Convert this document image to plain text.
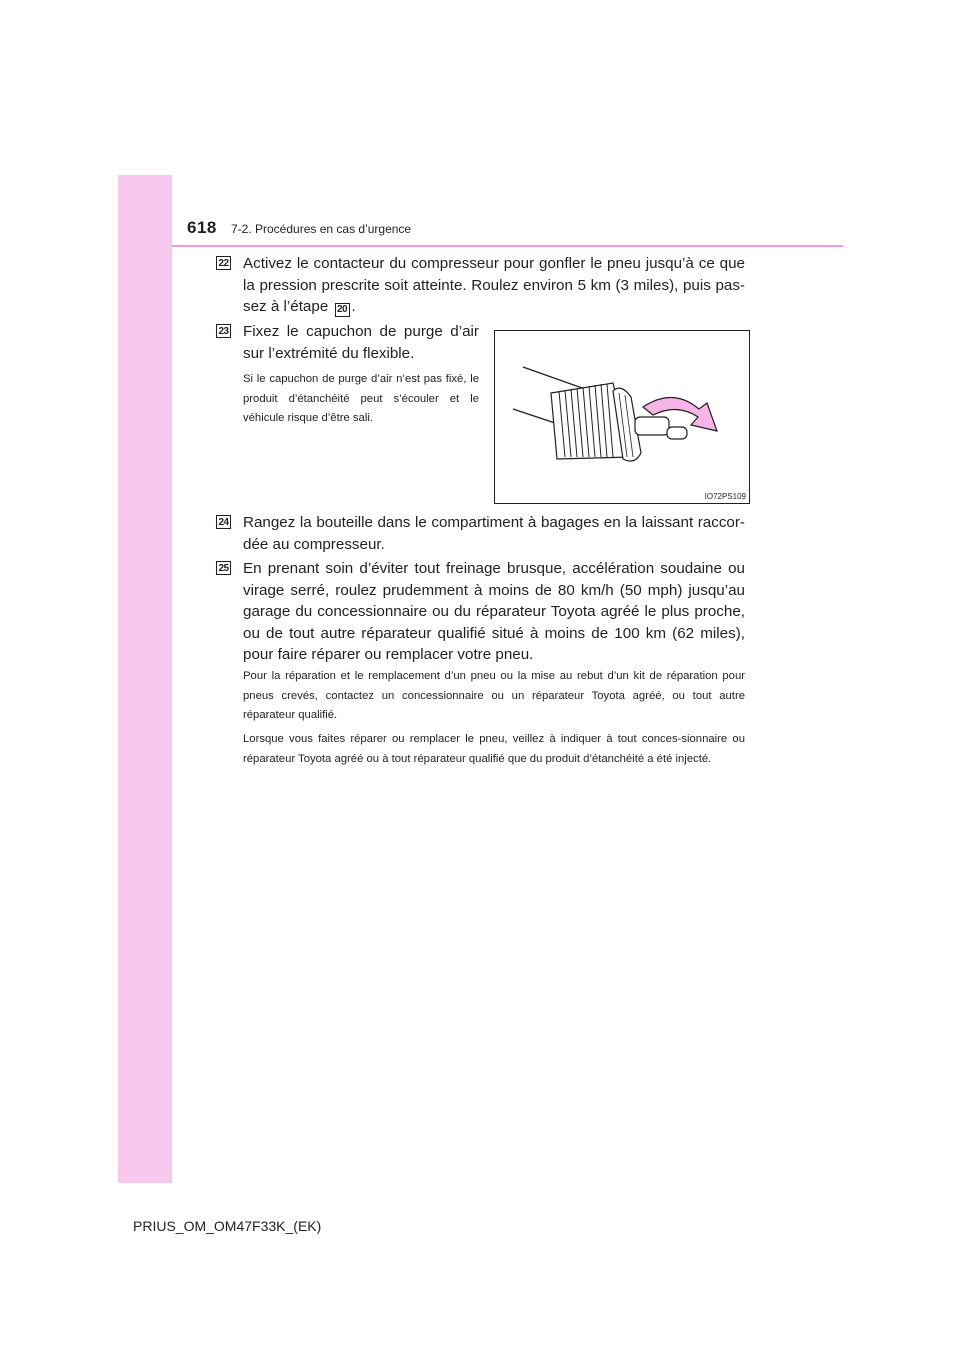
618 7-2. Procédures en cas d’urgence
22 Activez le contacteur du compresseur pour gonfler le pneu jusqu’à ce que la pression prescrite soit atteinte. Roulez environ 5 km (3 miles), puis pas-sez à l’étape 20 .
23 Fixez le capuchon de purge d’air sur l’extrémité du flexible.
Si le capuchon de purge d’air n’est pas fixé, le produit d’étanchéité peut s’écouler et le véhicule risque d’être sali.
IO72PS109
24 Rangez la bouteille dans le compartiment à bagages en la laissant raccor-dée au compresseur.
25 En prenant soin d’éviter tout freinage brusque, accélération soudaine ou virage serré, roulez prudemment à moins de 80 km/h (50 mph) jusqu’au garage du concessionnaire ou du réparateur Toyota agréé le plus proche, ou de tout autre réparateur qualifié situé à moins de 100 km (62 miles), pour faire réparer ou remplacer votre pneu.
Pour la réparation et le remplacement d’un pneu ou la mise au rebut d’un kit de réparation pour pneus crevés, contactez un concessionnaire ou un réparateur Toyota agréé, ou tout autre réparateur qualifié.
Lorsque vous faites réparer ou remplacer le pneu, veillez à indiquer à tout conces-sionnaire ou réparateur Toyota agréé ou à tout réparateur qualifié que du produit d’étanchéité a été injecté.
PRIUS_OM_OM47F33K_(EK)
